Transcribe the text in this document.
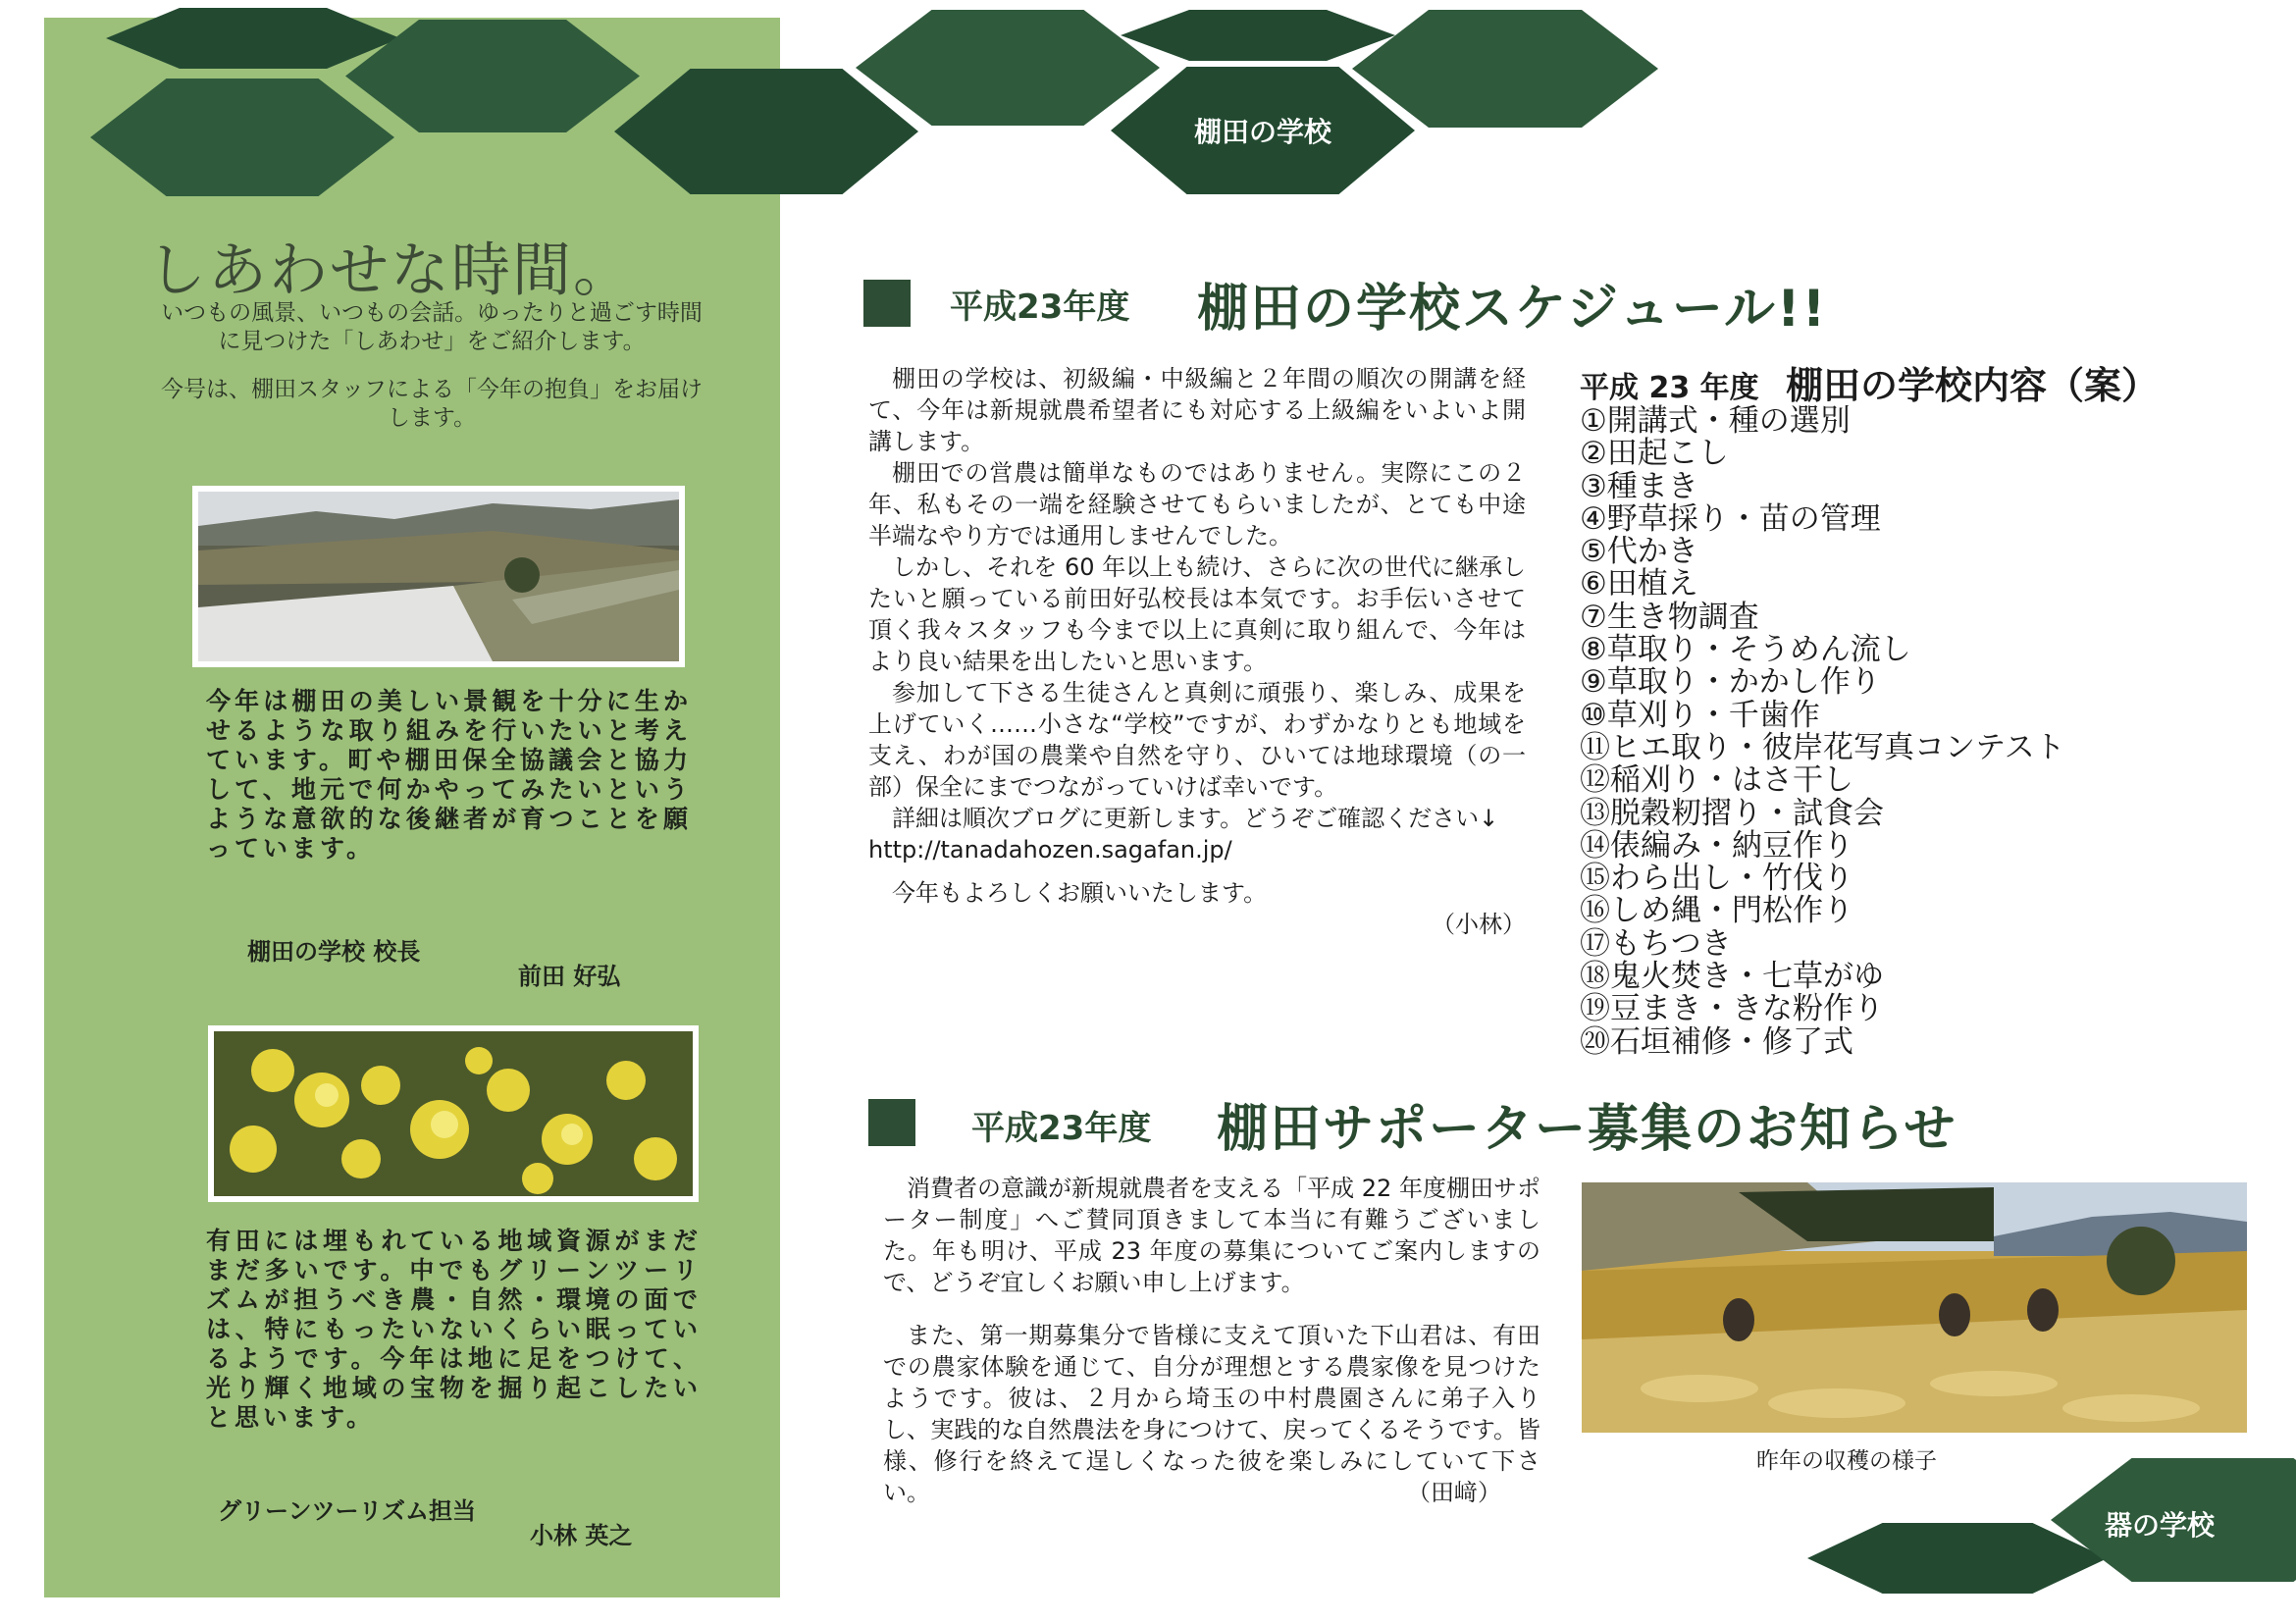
棚田の学校
しあわせな時間。

いつもの風景、いつもの会話。ゆったりと過ごす時間に見つけた「しあわせ」をご紹介します。

今号は、棚田スタッフによる「今年の抱負」をお届けします。

今年は棚田の美しい景観を十分に生かせるような取り組みを行いたいと考えています。町や棚田保全協議会と協力して、地元で何かやってみたいというような意欲的な後継者が育つことを願っています。
棚田の学校 校長
前田 好弘
有田には埋もれている地域資源がまだまだ多いです。中でもグリーンツーリズムが担うべき農・自然・環境の面では、特にもったいないくらい眠っているようです。今年は地に足をつけて、光り輝く地域の宝物を掘り起こしたいと思います。
グリーンツーリズム担当
小林 英之
平成23年度 棚田の学校スケジュール!!

棚田の学校は、初級編・中級編と２年間の順次の開講を経て、今年は新規就農希望者にも対応する上級編をいよいよ開講します。

棚田での営農は簡単なものではありません。実際にこの２年、私もその一端を経験させてもらいましたが、とても中途半端なやり方では通用しませんでした。

しかし、それを 60 年以上も続け、さらに次の世代に継承したいと願っている前田好弘校長は本気です。お手伝いさせて頂く我々スタッフも今まで以上に真剣に取り組んで、今年はより良い結果を出したいと思います。

参加して下さる生徒さんと真剣に頑張り、楽しみ、成果を上げていく……小さな“学校”ですが、わずかなりとも地域を支え、わが国の農業や自然を守り、ひいては地球環境（の一部）保全にまでつながっていけば幸いです。

詳細は順次ブログに更新します。どうぞご確認ください↓

http://tanadahozen.sagafan.jp/

今年もよろしくお願いいたします。

（小林）
平成 23 年度 棚田の学校内容（案）
①開講式・種の選別
②田起こし
③種まき
④野草採り・苗の管理
⑤代かき
⑥田植え
⑦生き物調査
⑧草取り・そうめん流し
⑨草取り・かかし作り
⑩草刈り・千歯作
⑪ヒエ取り・彼岸花写真コンテスト
⑫稲刈り・はさ干し
⑬脱穀籾摺り・試食会
⑭俵編み・納豆作り
⑮わら出し・竹伐り
⑯しめ縄・門松作り
⑰もちつき
⑱鬼火焚き・七草がゆ
⑲豆まき・きな粉作り
⑳石垣補修・修了式
平成23年度 棚田サポーター募集のお知らせ

消費者の意識が新規就農者を支える「平成 22 年度棚田サポーター制度」へご賛同頂きまして本当に有難うございました。年も明け、平成 23 年度の募集についてご案内しますので、どうぞ宜しくお願い申し上げます。

また、第一期募集分で皆様に支えて頂いた下山君は、有田での農家体験を通じて、自分が理想とする農家像を見つけたようです。彼は、２月から埼玉の中村農園さんに弟子入りし、実践的な自然農法を身につけて、戻ってくるそうです。皆様、修行を終えて逞しくなった彼を楽しみにしていて下さい。	（田﨑）
昨年の収穫の様子
器の学校
